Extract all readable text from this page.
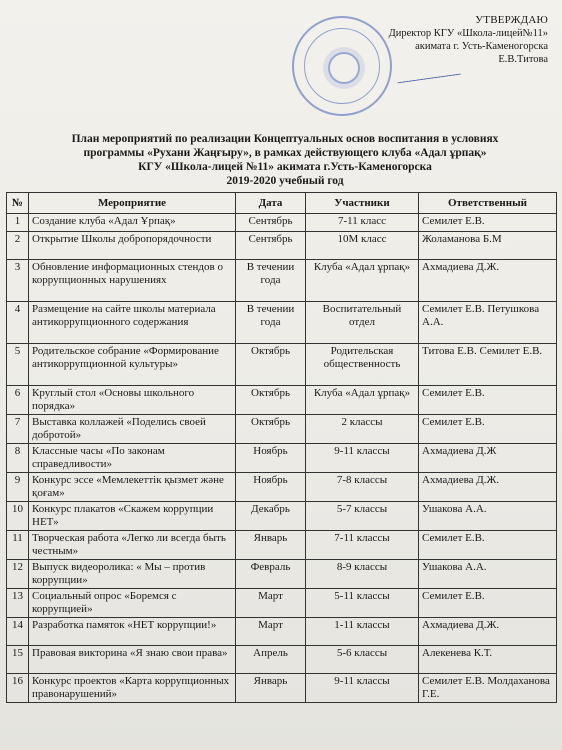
УТВЕРЖДАЮ
Директор КГУ «Школа-лицей№11»
акимата г. Усть-Каменогорска
Е.В.Титова
План мероприятий по реализации Концептуальных основ воспитания в условиях
программы «Рухани Жаңғыру», в рамках действующего клуба «Адал ұрпақ»
КГУ «Школа-лицей №11» акимата г.Усть-Каменогорска
2019-2020 учебный год
№	Мероприятие	Дата	Участники	Ответственный
1	Создание клуба «Адал Ұрпақ»	Сентябрь	7-11 класс	Семилет Е.В.
2	Открытие Школы добропорядочности	Сентябрь	10М класс	Жоламанова Б.М
3	Обновление информационных стендов о коррупционных нарушениях	В течении года	Клуба «Адал ұрпақ»	Ахмадиева Д.Ж.
4	Размещение на сайте школы материала антикоррупционного содержания	В течении года	Воспитательный отдел	Семилет Е.В. Петушкова А.А.
5	Родительское собрание «Формирование антикоррупционной культуры»	Октябрь	Родительская общественность	Титова Е.В. Семилет Е.В.
6	Круглый стол «Основы школьного порядка»	Октябрь	Клуба «Адал ұрпақ»	Семилет Е.В.
7	Выставка коллажей «Поделись своей добротой»	Октябрь	2 классы	Семилет Е.В.
8	Классные часы «По законам справедливости»	Ноябрь	9-11 классы	Ахмадиева Д.Ж
9	Конкурс эссе «Мемлекеттік қызмет және қоғам»	Ноябрь	7-8 классы	Ахмадиева Д.Ж.
10	Конкурс плакатов «Скажем коррупции НЕТ»	Декабрь	5-7 классы	Ушакова А.А.
11	Творческая работа «Легко ли всегда быть честным»	Январь	7-11 классы	Семилет Е.В.
12	Выпуск видеоролика: « Мы – против коррупции»	Февраль	8-9 классы	Ушакова А.А.
13	Социальный опрос «Боремся с коррупцией»	Март	5-11 классы	Семилет Е.В.
14	Разработка памяток «НЕТ коррупции!»	Март	1-11 классы	Ахмадиева Д.Ж.
15	Правовая викторина «Я знаю свои права»	Апрель	5-6 классы	Алекенева К.Т.
16	Конкурс проектов «Карта коррупционных правонарушений»	Январь	9-11 классы	Семилет Е.В. Молдаханова Г.Е.
